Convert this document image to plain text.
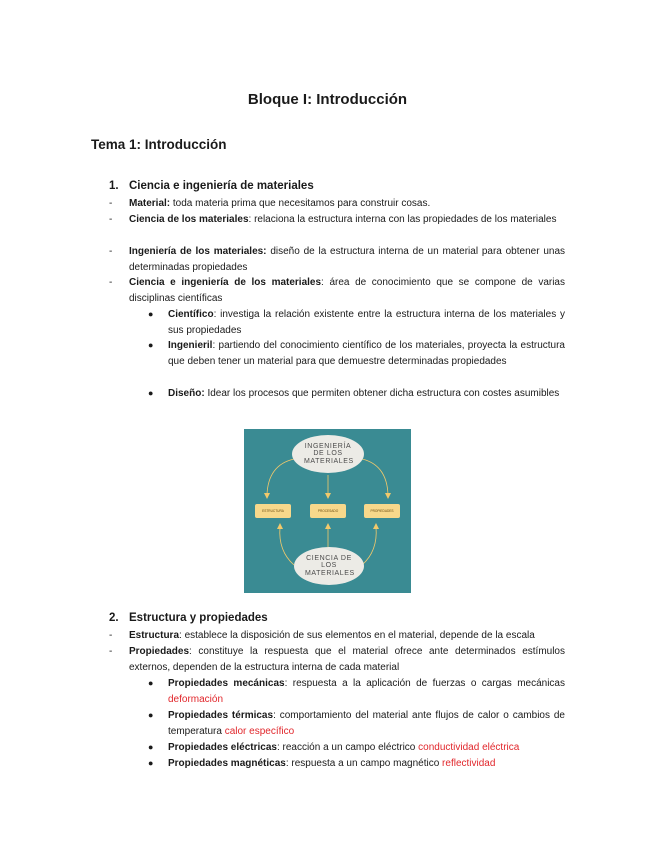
Bloque I: Introducción
Tema 1: Introducción
1. Ciencia e ingeniería de materiales
- Material: toda materia prima que necesitamos para construir cosas.
- Ciencia de los materiales: relaciona la estructura interna con las propiedades de los materiales
- Ingeniería de los materiales: diseño de la estructura interna de un material para obtener unas determinadas propiedades
- Ciencia e ingeniería de los materiales: área de conocimiento que se compone de varias disciplinas científicas
● Científico: investiga la relación existente entre la estructura interna de los materiales y sus propiedades
● Ingenieril: partiendo del conocimiento científico de los materiales, proyecta la estructura que deben tener un material para que demuestre determinadas propiedades
● Diseño: Idear los procesos que permiten obtener dicha estructura con costes asumibles
INGENIERÍA DE LOS MATERIALES
ESTRUCTURA	PROCESADO	PROPIEDADES
CIENCIA DE LOS MATERIALES
2. Estructura y propiedades
- Estructura: establece la disposición de sus elementos en el material, depende de la escala
- Propiedades: constituye la respuesta que el material ofrece ante determinados estímulos externos, dependen de la estructura interna de cada material
● Propiedades mecánicas: respuesta a la aplicación de fuerzas o cargas mecánicas deformación
● Propiedades térmicas: comportamiento del material ante flujos de calor o cambios de temperatura calor específico
● Propiedades eléctricas: reacción a un campo eléctrico conductividad eléctrica
● Propiedades magnéticas: respuesta a un campo magnético reflectividad
